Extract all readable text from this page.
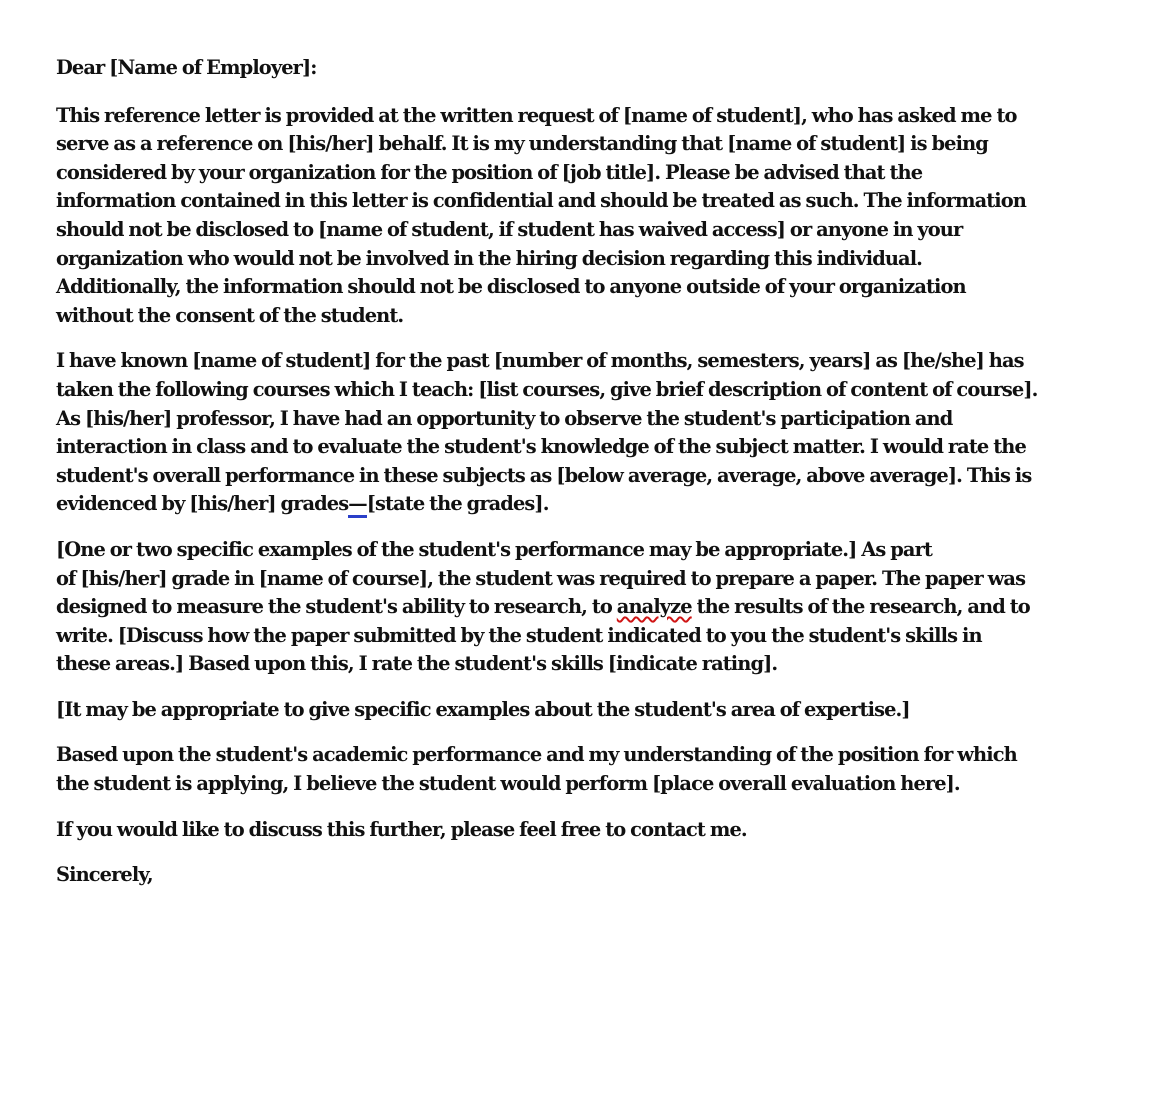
Dear [Name of Employer]:

This reference letter is provided at the written request of [name of student], who has asked me to
serve as a reference on [his/her] behalf. It is my understanding that [name of student] is being
considered by your organization for the position of [job title]. Please be advised that the
information contained in this letter is confidential and should be treated as such. The information
should not be disclosed to [name of student, if student has waived access] or anyone in your
organization who would not be involved in the hiring decision regarding this individual.
Additionally, the information should not be disclosed to anyone outside of your organization
without the consent of the student.

I have known [name of student] for the past [number of months, semesters, years] as [he/she] has
taken the following courses which I teach: [list courses, give brief description of content of course].
As [his/her] professor, I have had an opportunity to observe the student's participation and
interaction in class and to evaluate the student's knowledge of the subject matter. I would rate the
student's overall performance in these subjects as [below average, average, above average]. This is
evidenced by [his/her] grades—[state the grades].

[One or two specific examples of the student's performance may be appropriate.] As part
of [his/her] grade in [name of course], the student was required to prepare a paper. The paper was
designed to measure the student's ability to research, to analyze the results of the research, and to
write. [Discuss how the paper submitted by the student indicated to you the student's skills in
these areas.] Based upon this, I rate the student's skills [indicate rating].

[It may be appropriate to give specific examples about the student's area of expertise.]

Based upon the student's academic performance and my understanding of the position for which
the student is applying, I believe the student would perform [place overall evaluation here].

If you would like to discuss this further, please feel free to contact me.

Sincerely,
